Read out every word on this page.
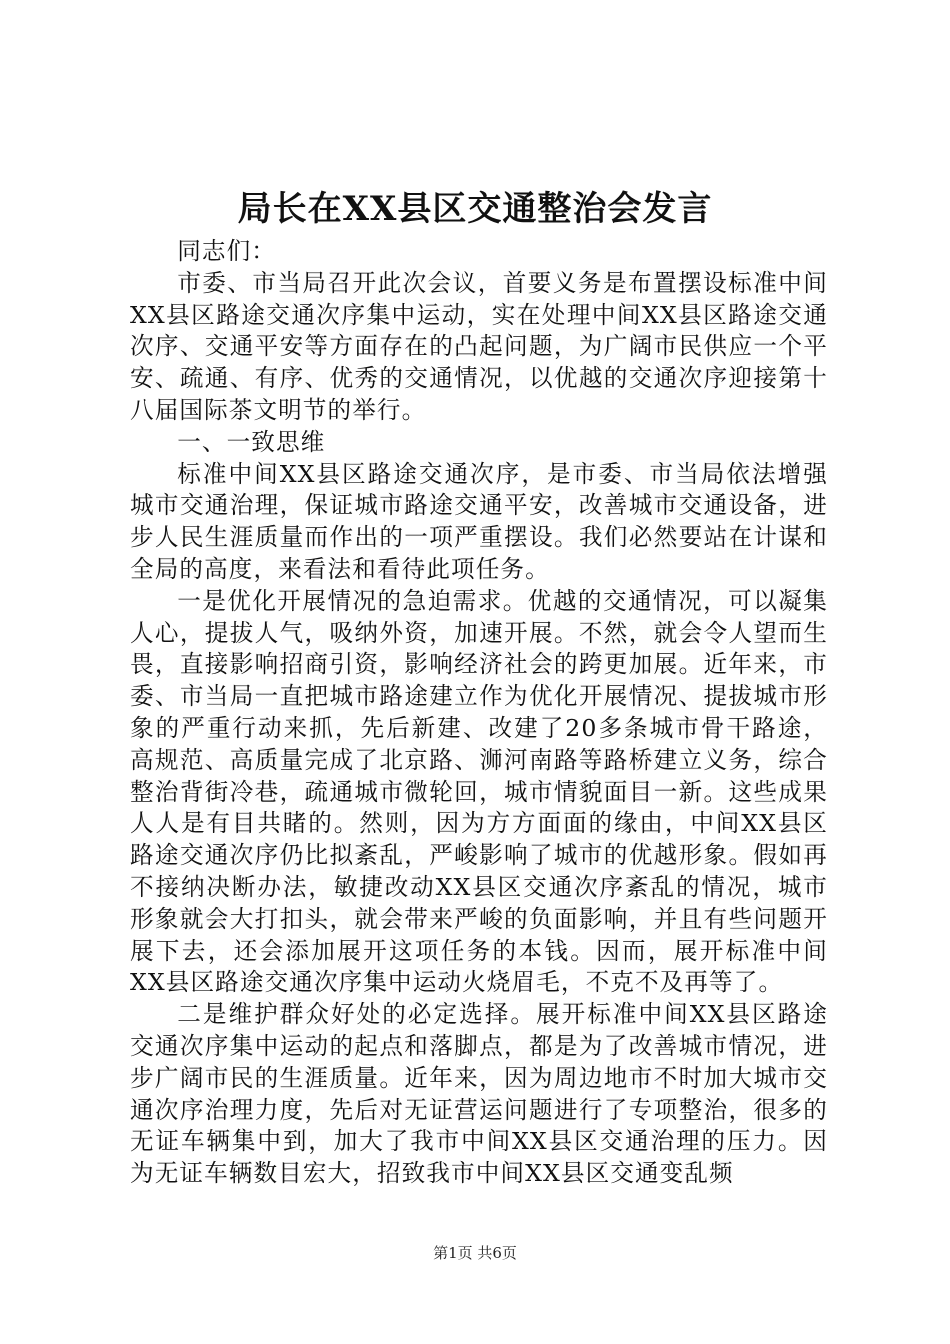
局长在XX县区交通整治会发言

同志们：

市委、市当局召开此次会议，首要义务是布置摆设标准中间XX县区路途交通次序集中运动，实在处理中间XX县区路途交通次序、交通平安等方面存在的凸起问题，为广阔市民供应一个平安、疏通、有序、优秀的交通情况，以优越的交通次序迎接第十八届国际茶文明节的举行。

一、一致思维

标准中间XX县区路途交通次序，是市委、市当局依法增强城市交通治理，保证城市路途交通平安，改善城市交通设备，进步人民生涯质量而作出的一项严重摆设。我们必然要站在计谋和全局的高度，来看法和看待此项任务。

一是优化开展情况的急迫需求。优越的交通情况，可以凝集人心，提拔人气，吸纳外资，加速开展。不然，就会令人望而生畏，直接影响招商引资，影响经济社会的跨更加展。近年来，市委、市当局一直把城市路途建立作为优化开展情况、提拔城市形象的严重行动来抓，先后新建、改建了20多条城市骨干路途，高规范、高质量完成了北京路、浉河南路等路桥建立义务，综合整治背街冷巷，疏通城市微轮回，城市情貌面目一新。这些成果人人是有目共睹的。然则，因为方方面面的缘由，中间XX县区路途交通次序仍比拟紊乱，严峻影响了城市的优越形象。假如再不接纳决断办法，敏捷改动XX县区交通次序紊乱的情况，城市形象就会大打扣头，就会带来严峻的负面影响，并且有些问题开展下去，还会添加展开这项任务的本钱。因而，展开标准中间XX县区路途交通次序集中运动火烧眉毛，不克不及再等了。

二是维护群众好处的必定选择。展开标准中间XX县区路途交通次序集中运动的起点和落脚点，都是为了改善城市情况，进步广阔市民的生涯质量。近年来，因为周边地市不时加大城市交通次序治理力度，先后对无证营运问题进行了专项整治，很多的无证车辆集中到，加大了我市中间XX县区交通治理的压力。因为无证车辆数目宏大，招致我市中间XX县区交通变乱频

第1页 共6页
